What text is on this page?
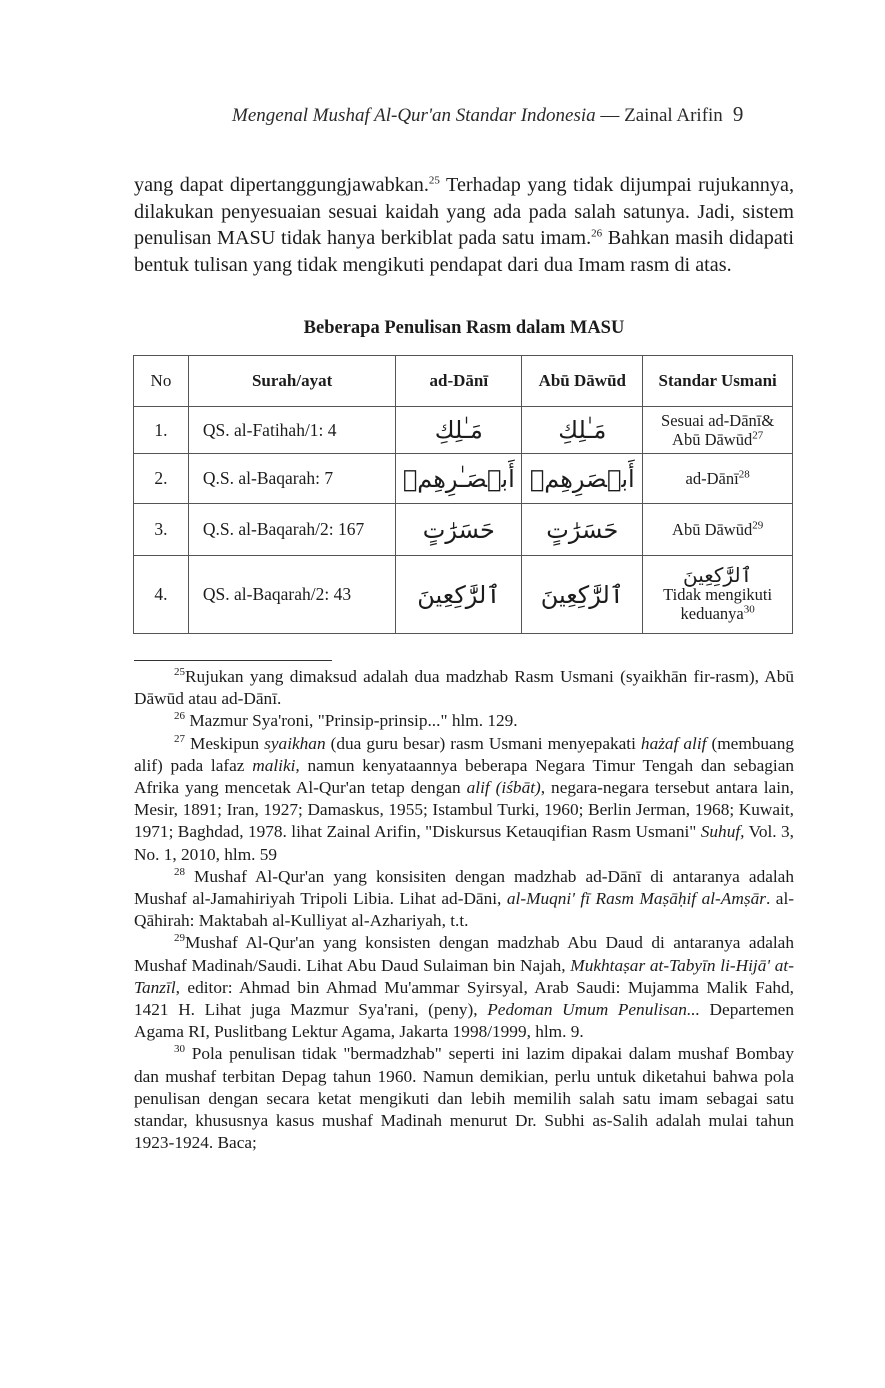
Mengenal Mushaf Al-Qur'an Standar Indonesia — Zainal Arifin 9

yang dapat dipertanggungjawabkan.$^{25}$ Terhadap yang tidak dijumpai rujukannya, dilakukan penyesuaian sesuai kaidah yang ada pada salah satunya. Jadi, sistem penulisan MASU tidak hanya berkiblat pada satu imam.$^{26}$ Bahkan masih didapati bentuk tulisan yang tidak mengikuti pendapat dari dua Imam rasm di atas.

Beberapa Penulisan Rasm dalam MASU
No	Surah/ayat	ad-Dānī	Abū Dāwūd	Standar Usmani
1.	QS. al-Fatihah/1: 4	مَـٰلِكِ	مَـٰلِكِ	Sesuai ad-Dānī& Abū Dāwūd$^{27}$
2.	Q.S. al-Baqarah: 7	أَبۡصَـٰرِهِمۡ	أَبۡصَرِهِمۡ	ad-Dānī$^{28}$
3.	Q.S. al-Baqarah/2: 167	حَسَرَٰتٍ	حَسَرَٰتٍ	Abū Dāwūd$^{29}$
4.	QS. al-Baqarah/2: 43	ٱلرَّٰكِعِينَ	ٱلرَّٰكِعِينَ	ٱلرَّٰكِعِينَ
Tidak mengikuti keduanya$^{30}$

$^{25}$Rujukan yang dimaksud adalah dua madzhab Rasm Usmani (syaikhān fir-rasm), Abū Dāwūd atau ad-Dānī.

$^{26}$ Mazmur Sya'roni, "Prinsip-prinsip..." hlm. 129.

$^{27}$ Meskipun syaikhan (dua guru besar) rasm Usmani menyepakati hażaf alif (membuang alif) pada lafaz maliki, namun kenyataannya beberapa Negara Timur Tengah dan sebagian Afrika yang mencetak Al-Qur'an tetap dengan alif (iśbāt), negara-negara tersebut antara lain, Mesir, 1891; Iran, 1927; Damaskus, 1955; Istambul Turki, 1960; Berlin Jerman, 1968; Kuwait, 1971; Baghdad, 1978. lihat Zainal Arifin, "Diskursus Ketauqifian Rasm Usmani" Suhuf, Vol. 3, No. 1, 2010, hlm. 59

$^{28}$ Mushaf Al-Qur'an yang konsisiten dengan madzhab ad-Dānī di antaranya adalah Mushaf al-Jamahiriyah Tripoli Libia. Lihat ad-Dāni, al-Muqni' fī Rasm Maṣāḥif al-Amṣār. al-Qāhirah: Maktabah al-Kulliyat al-Azhariyah, t.t.

$^{29}$Mushaf Al-Qur'an yang konsisten dengan madzhab Abu Daud di antaranya adalah Mushaf Madinah/Saudi. Lihat Abu Daud Sulaiman bin Najah, Mukhtaṣar at-Tabyīn li-Hijā' at-Tanzīl, editor: Ahmad bin Ahmad Mu'ammar Syirsyal, Arab Saudi: Mujamma Malik Fahd, 1421 H. Lihat juga Mazmur Sya'rani, (peny), Pedoman Umum Penulisan... Departemen Agama RI, Puslitbang Lektur Agama, Jakarta 1998/1999, hlm. 9.

$^{30}$ Pola penulisan tidak "bermadzhab" seperti ini lazim dipakai dalam mushaf Bombay dan mushaf terbitan Depag tahun 1960. Namun demikian, perlu untuk diketahui bahwa pola penulisan dengan secara ketat mengikuti dan lebih memilih salah satu imam sebagai satu standar, khususnya kasus mushaf Madinah menurut Dr. Subhi as-Salih adalah mulai tahun 1923-1924. Baca;
